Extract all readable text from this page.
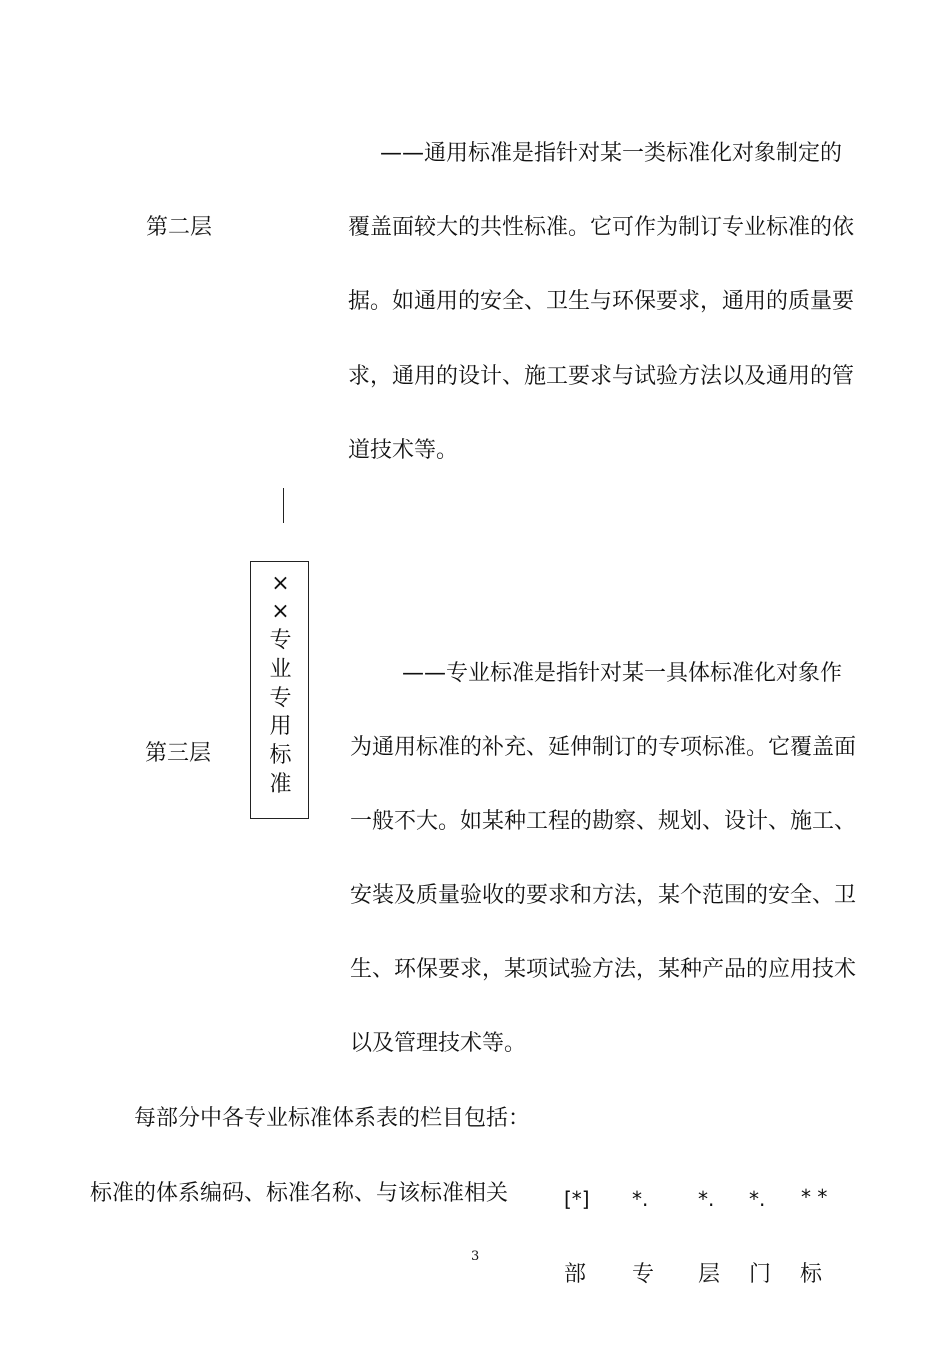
——通用标准是指针对某一类标准化对象制定的
第二层	覆盖面较大的共性标准。它可作为制订专业标准的依
据。如通用的安全、卫生与环保要求，通用的质量要
求，通用的设计、施工要求与试验方法以及通用的管
道技术等。
×
×
专
业
专
用
标
准
——专业标准是指针对某一具体标准化对象作
第三层	为通用标准的补充、延伸制订的专项标准。它覆盖面
一般不大。如某种工程的勘察、规划、设计、施工、
安装及质量验收的要求和方法，某个范围的安全、卫
生、环保要求，某项试验方法，某种产品的应用技术
以及管理技术等。
每部分中各专业标准体系表的栏目包括：
标准的体系编码、标准名称、与该标准相关	[*] *. *. *. * *
3
部 专 层 门 标
